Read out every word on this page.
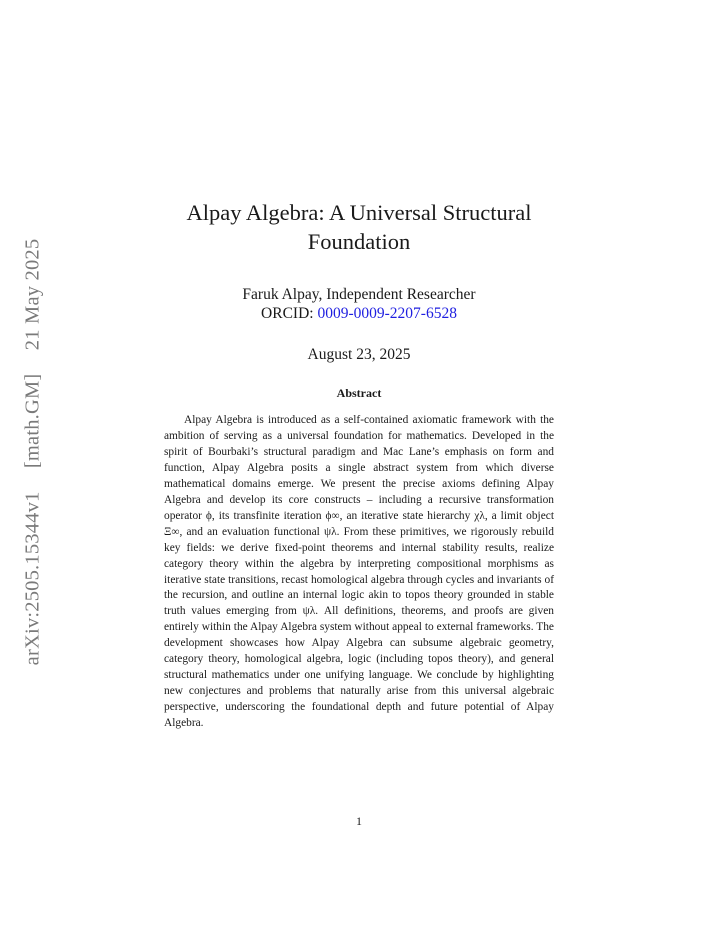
arXiv:2505.15344v1 [math.GM] 21 May 2025
Alpay Algebra: A Universal Structural Foundation
Faruk Alpay, Independent Researcher
ORCID: 0009-0009-2207-6528
August 23, 2025
Abstract

Alpay Algebra is introduced as a self-contained axiomatic framework with the ambition of serving as a universal foundation for mathematics. Developed in the spirit of Bourbaki’s structural paradigm and Mac Lane’s emphasis on form and function, Alpay Algebra posits a single abstract system from which diverse mathematical domains emerge. We present the precise axioms defining Alpay Algebra and develop its core constructs – including a recursive transformation operator ϕ, its transfinite iteration ϕ∞, an iterative state hierarchy χλ, a limit object Ξ∞, and an evaluation functional ψλ. From these primitives, we rigorously rebuild key fields: we derive fixed-point theorems and internal stability results, realize category theory within the algebra by interpreting compositional morphisms as iterative state transitions, recast homological algebra through cycles and invariants of the recursion, and outline an internal logic akin to topos theory grounded in stable truth values emerging from ψλ. All definitions, theorems, and proofs are given entirely within the Alpay Algebra system without appeal to external frameworks. The development showcases how Alpay Algebra can subsume algebraic geometry, category theory, homological algebra, logic (including topos theory), and general structural mathematics under one unifying language. We conclude by highlighting new conjectures and problems that naturally arise from this universal algebraic perspective, underscoring the foundational depth and future potential of Alpay Algebra.

1
